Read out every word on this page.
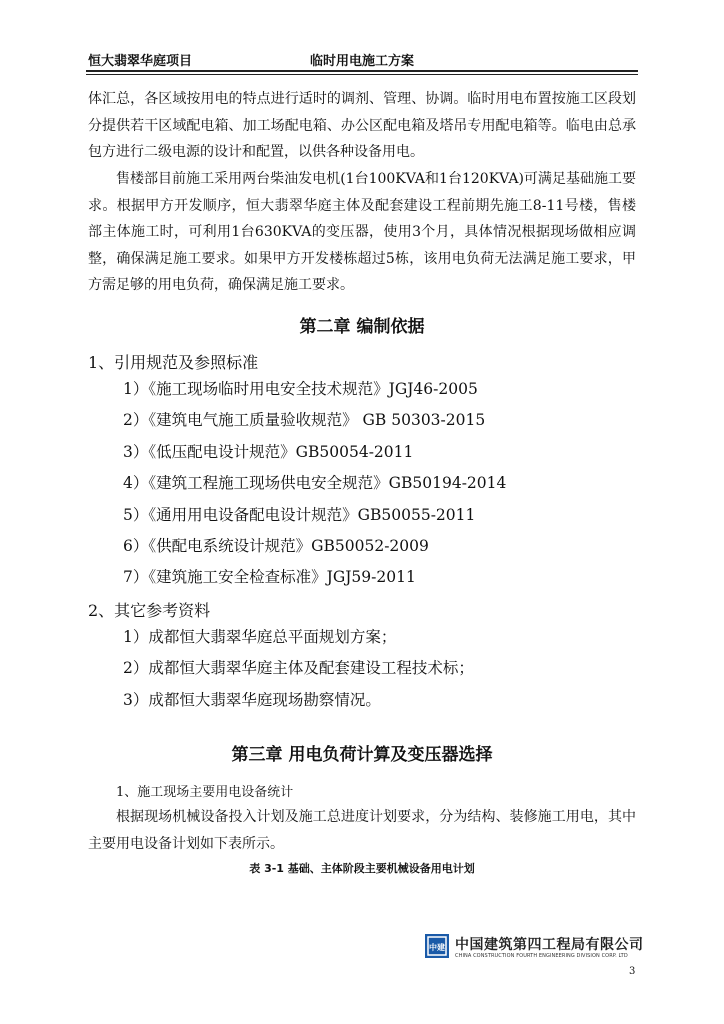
恒大翡翠华庭项目	临时用电施工方案
体汇总，各区域按用电的特点进行适时的调剂、管理、协调。临时用电布置按施工区段划分提供若干区域配电箱、加工场配电箱、办公区配电箱及塔吊专用配电箱等。临电由总承包方进行二级电源的设计和配置，以供各种设备用电。
售楼部目前施工采用两台柴油发电机(1台100KVA和1台120KVA)可满足基础施工要求。根据甲方开发顺序，恒大翡翠华庭主体及配套建设工程前期先施工8-11号楼，售楼部主体施工时，可利用1台630KVA的变压器，使用3个月，具体情况根据现场做相应调整，确保满足施工要求。如果甲方开发楼栋超过5栋，该用电负荷无法满足施工要求，甲方需足够的用电负荷，确保满足施工要求。
第二章 编制依据
1、引用规范及参照标准
1）《施工现场临时用电安全技术规范》JGJ46-2005
2）《建筑电气施工质量验收规范》 GB 50303-2015
3）《低压配电设计规范》GB50054-2011
4）《建筑工程施工现场供电安全规范》GB50194-2014
5）《通用用电设备配电设计规范》GB50055-2011
6）《供配电系统设计规范》GB50052-2009
7）《建筑施工安全检查标准》JGJ59-2011
2、其它参考资料
1）成都恒大翡翠华庭总平面规划方案；
2）成都恒大翡翠华庭主体及配套建设工程技术标；
3）成都恒大翡翠华庭现场勘察情况。
第三章 用电负荷计算及变压器选择
1、施工现场主要用电设备统计
根据现场机械设备投入计划及施工总进度计划要求，分为结构、装修施工用电，其中主要用电设备计划如下表所示。
表 3-1 基础、主体阶段主要机械设备用电计划
中建 中国建筑第四工程局有限公司
CHINA CONSTRUCTION FOURTH ENGINEERING DIVISION CORP. LTD
3
